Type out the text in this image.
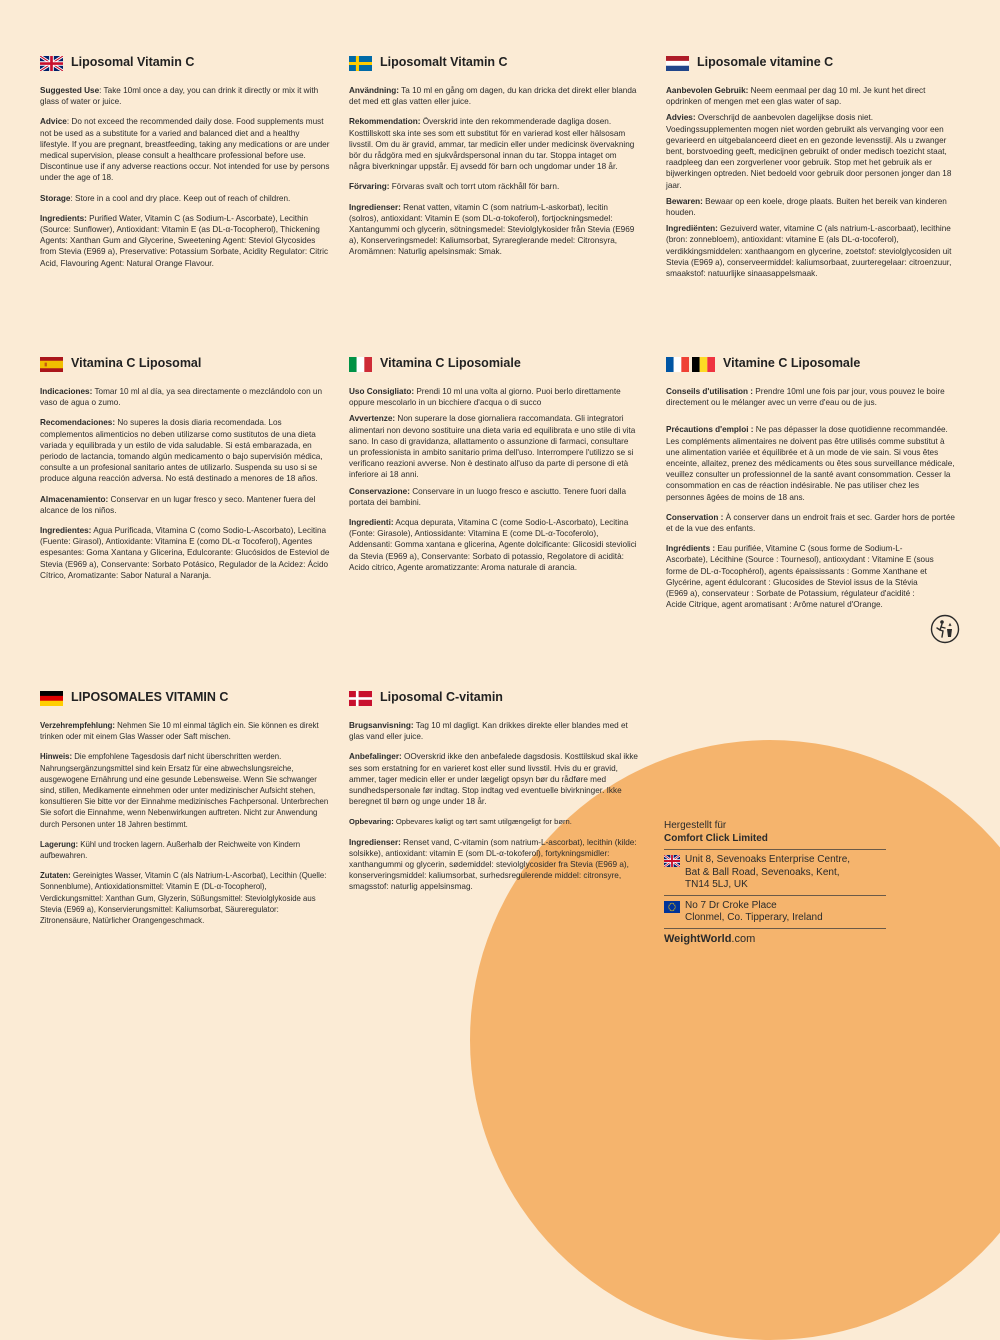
Liposomal Vitamin C

Suggested Use: Take 10ml once a day, you can drink it directly or mix it with glass of water or juice.

Advice: Do not exceed the recommended daily dose. Food supplements must not be used as a substitute for a varied and balanced diet and a healthy lifestyle. If you are pregnant, breastfeeding, taking any medications or are under medical supervision, please consult a healthcare professional before use. Discontinue use if any adverse reactions occur. Not intended for use by persons under the age of 18.

Storage: Store in a cool and dry place. Keep out of reach of children.

Ingredients: Purified Water, Vitamin C (as Sodium-L- Ascorbate), Lecithin (Source: Sunflower), Antioxidant: Vitamin E (as DL-α-Tocopherol), Thickening Agents: Xanthan Gum and Glycerine, Sweetening Agent: Steviol Glycosides from Stevia (E969 a), Preservative: Potassium Sorbate, Acidity Regulator: Citric Acid, Flavouring Agent: Natural Orange Flavour.

Liposomalt Vitamin C

Användning: Ta 10 ml en gång om dagen, du kan dricka det direkt eller blanda det med ett glas vatten eller juice.

Rekommendation: Överskrid inte den rekommenderade dagliga dosen. Kosttillskott ska inte ses som ett substitut för en varierad kost eller hälsosam livsstil. Om du är gravid, ammar, tar medicin eller under medicinsk övervakning bör du rådgöra med en sjukvårdspersonal innan du tar. Stoppa intaget om några biverkningar uppstår. Ej avsedd för barn och ungdomar under 18 år.

Förvaring: Förvaras svalt och torrt utom räckhåll för barn.

Ingredienser: Renat vatten, vitamin C (som natrium-L-askorbat), lecitin (solros), antioxidant: Vitamin E (som DL-α-tokoferol), fortjockningsmedel: Xantangummi och glycerin, sötningsmedel: Steviolglykosider från Stevia (E969 a), Konserveringsmedel: Kaliumsorbat, Syrareglerande medel: Citronsyra, Aromämnen: Naturlig apelsinsmak: Smak.

Liposomale vitamine C

Aanbevolen Gebruik: Neem eenmaal per dag 10 ml. Je kunt het direct opdrinken of mengen met een glas water of sap.

Advies: Overschrijd de aanbevolen dagelijkse dosis niet. Voedingssupplementen mogen niet worden gebruikt als vervanging voor een gevarieerd en uitgebalanceerd dieet en en gezonde levensstijl. Als u zwanger bent, borstvoeding geeft, medicijnen gebruikt of onder medisch toezicht staat, raadpleeg dan een zorgverlener voor gebruik. Stop met het gebruik als er bijwerkingen optreden. Niet bedoeld voor gebruik door personen jonger dan 18 jaar.

Bewaren: Bewaar op een koele, droge plaats. Buiten het bereik van kinderen houden.

Ingrediënten: Gezuiverd water, vitamine C (als natrium-L-ascorbaat), lecithine (bron: zonnebloem), antioxidant: vitamine E (als DL-α-tocoferol), verdikkingsmiddelen: xanthaangom en glycerine, zoetstof: steviolglycosiden uit Stevia (E969 a), conserveermiddel: kaliumsorbaat, zuurteregelaar: citroenzuur, smaakstof: natuurlijke sinaasappelsmaak.

Vitamina C Liposomal

Indicaciones: Tomar 10 ml al día, ya sea directamente o mezclándolo con un vaso de agua o zumo.

Recomendaciones: No superes la dosis diaria recomendada. Los complementos alimenticios no deben utilizarse como sustitutos de una dieta variada y equilibrada y un estilo de vida saludable. Si está embarazada, en periodo de lactancia, tomando algún medicamento o bajo supervisión médica, consulte a un profesional sanitario antes de utilizarlo. Suspenda su uso si se produce alguna reacción adversa. No está destinado a menores de 18 años.

Almacenamiento: Conservar en un lugar fresco y seco. Mantener fuera del alcance de los niños.

Ingredientes: Agua Purificada, Vitamina C (como Sodio-L-Ascorbato), Lecitina (Fuente: Girasol), Antioxidante: Vitamina E (como DL-α Tocoferol), Agentes espesantes: Goma Xantana y Glicerina, Edulcorante: Glucósidos de Esteviol de Stevia (E969 a), Conservante: Sorbato Potásico, Regulador de la Acidez: Ácido Cítrico, Aromatizante: Sabor Natural a Naranja.

Vitamina C Liposomiale

Uso Consigliato: Prendi 10 ml una volta al giorno. Puoi berlo direttamente oppure mescolarlo in un bicchiere d'acqua o di succo

Avvertenze: Non superare la dose giornaliera raccomandata. Gli integratori alimentari non devono sostituire una dieta varia ed equilibrata e uno stile di vita sano. In caso di gravidanza, allattamento o assunzione di farmaci, consultare un professionista in ambito sanitario prima dell'uso. Interrompere l'utilizzo se si verificano reazioni avverse. Non è destinato all'uso da parte di persone di età inferiore ai 18 anni.

Conservazione: Conservare in un luogo fresco e asciutto. Tenere fuori dalla portata dei bambini.

Ingredienti: Acqua depurata, Vitamina C (come Sodio-L-Ascorbato), Lecitina (Fonte: Girasole), Antiossidante: Vitamina E (come DL-α-Tocoferolo), Addensanti: Gomma xantana e glicerina, Agente dolcificante: Glicosidi steviolici da Stevia (E969 a), Conservante: Sorbato di potassio, Regolatore di acidità: Acido citrico, Agente aromatizzante: Aroma naturale di arancia.

Vitamine C Liposomale

Conseils d'utilisation : Prendre 10ml une fois par jour, vous pouvez le boire directement ou le mélanger avec un verre d'eau ou de jus.

Précautions d'emploi : Ne pas dépasser la dose quotidienne recommandée. Les compléments alimentaires ne doivent pas être utilisés comme substitut à une alimentation variée et équilibrée et à un mode de vie sain. Si vous êtes enceinte, allaitez, prenez des médicaments ou êtes sous surveillance médicale, veuillez consulter un professionnel de la santé avant consommation. Cesser la consommation en cas de réaction indésirable. Ne pas utiliser chez les personnes âgées de moins de 18 ans.

Conservation : À conserver dans un endroit frais et sec. Garder hors de portée et de la vue des enfants.

Ingrédients : Eau purifiée, Vitamine C (sous forme de Sodium-L-Ascorbate), Lécithine (Source : Tournesol), antioxydant : Vitamine E (sous forme de DL-α-Tocophérol), agents épaississants : Gomme Xanthane et Glycérine, agent édulcorant : Glucosides de Steviol issus de la Stévia (E969 a), conservateur : Sorbate de Potassium, régulateur d'acidité : Acide Citrique, agent aromatisant : Arôme naturel d'Orange.

LIPOSOMALES VITAMIN C

Verzehrempfehlung: Nehmen Sie 10 ml einmal täglich ein. Sie können es direkt trinken oder mit einem Glas Wasser oder Saft mischen.

Hinweis: Die empfohlene Tagesdosis darf nicht überschritten werden. Nahrungsergänzungsmittel sind kein Ersatz für eine abwechslungsreiche, ausgewogene Ernährung und eine gesunde Lebensweise. Wenn Sie schwanger sind, stillen, Medikamente einnehmen oder unter medizinischer Aufsicht stehen, konsultieren Sie bitte vor der Einnahme medizinisches Fachpersonal. Unterbrechen Sie sofort die Einnahme, wenn Nebenwirkungen auftreten. Nicht zur Anwendung durch Personen unter 18 Jahren bestimmt.

Lagerung: Kühl und trocken lagern. Außerhalb der Reichweite von Kindern aufbewahren.

Zutaten: Gereinigtes Wasser, Vitamin C (als Natrium-L-Ascorbat), Lecithin (Quelle: Sonnenblume), Antioxidationsmittel: Vitamin E (DL-α-Tocopherol), Verdickungsmittel: Xanthan Gum, Glyzerin, Süßungsmittel: Steviolglykoside aus Stevia (E969 a), Konservierungsmittel: Kaliumsorbat, Säureregulator: Zitronensäure, Natürlicher Orangengeschmack.

Liposomal C-vitamin

Brugsanvisning: Tag 10 ml dagligt. Kan drikkes direkte eller blandes med et glas vand eller juice.

Anbefalinger: OOverskrid ikke den anbefalede dagsdosis. Kosttilskud skal ikke ses som erstatning for en varieret kost eller sund livsstil. Hvis du er gravid, ammer, tager medicin eller er under lægeligt opsyn bør du rådføre med sundhedspersonale før indtag. Stop indtag ved eventuelle bivirkninger. Ikke beregnet til børn og unge under 18 år.

Opbevaring: Opbevares køligt og tørt samt utilgængeligt for børn.

Ingredienser: Renset vand, C-vitamin (som natrium-L-ascorbat), lecithin (kilde: solsikke), antioxidant: vitamin E (som DL-α-tokoferol), fortykningsmidler: xanthangummi og glycerin, sødemiddel: steviolglycosider fra Stevia (E969 a), konserveringsmiddel: kaliumsorbat, surhedsregulerende middel: citronsyre, smagsstof: naturlig appelsinsmag.

Hergestellt für
Comfort Click Limited
Unit 8, Sevenoaks Enterprise Centre,
Bat & Ball Road, Sevenoaks, Kent,
TN14 5LJ, UK
No 7 Dr Croke Place
Clonmel, Co. Tipperary, Ireland
WeightWorld.com
